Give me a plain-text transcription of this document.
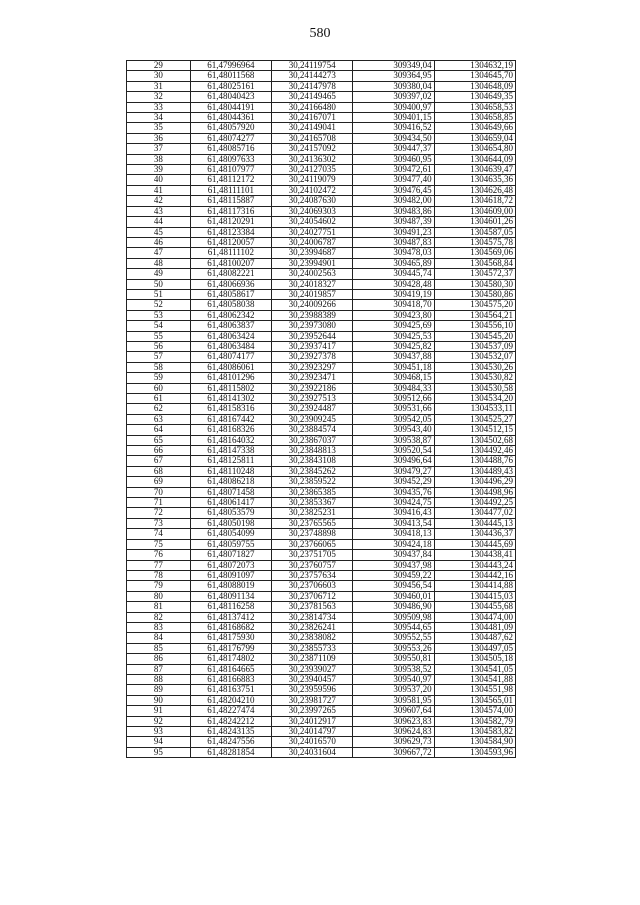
580
29	61,47996964	30,24119754	309349,04	1304632,19
30	61,48011568	30,24144273	309364,95	1304645,70
31	61,48025161	30,24147978	309380,04	1304648,09
32	61,48040423	30,24149465	309397,02	1304649,35
33	61,48044191	30,24166480	309400,97	1304658,53
34	61,48044361	30,24167071	309401,15	1304658,85
35	61,48057920	30,24149041	309416,52	1304649,66
36	61,48074277	30,24165708	309434,50	1304659,04
37	61,48085716	30,24157092	309447,37	1304654,80
38	61,48097633	30,24136302	309460,95	1304644,09
39	61,48107977	30,24127035	309472,61	1304639,47
40	61,48112172	30,24119079	309477,40	1304635,36
41	61,48111101	30,24102472	309476,45	1304626,48
42	61,48115887	30,24087630	309482,00	1304618,72
43	61,48117316	30,24069303	309483,86	1304609,00
44	61,48120291	30,24054602	309487,39	1304601,26
45	61,48123384	30,24027751	309491,23	1304587,05
46	61,48120057	30,24006787	309487,83	1304575,78
47	61,48111102	30,23994687	309478,03	1304569,06
48	61,48100207	30,23994901	309465,89	1304568,84
49	61,48082221	30,24002563	309445,74	1304572,37
50	61,48066936	30,24018327	309428,48	1304580,30
51	61,48058617	30,24019857	309419,19	1304580,86
52	61,48058038	30,24009266	309418,70	1304575,20
53	61,48062342	30,23988389	309423,80	1304564,21
54	61,48063837	30,23973080	309425,69	1304556,10
55	61,48063424	30,23952644	309425,53	1304545,20
56	61,48063484	30,23937417	309425,82	1304537,09
57	61,48074177	30,23927378	309437,88	1304532,07
58	61,48086061	30,23923297	309451,18	1304530,26
59	61,48101296	30,23923471	309468,15	1304530,82
60	61,48115802	30,23922186	309484,33	1304530,58
61	61,48141302	30,23927513	309512,66	1304534,20
62	61,48158316	30,23924487	309531,66	1304533,11
63	61,48167442	30,23909245	309542,05	1304525,27
64	61,48168326	30,23884574	309543,40	1304512,15
65	61,48164032	30,23867037	309538,87	1304502,68
66	61,48147338	30,23848813	309520,54	1304492,46
67	61,48125811	30,23843108	309496,64	1304488,76
68	61,48110248	30,23845262	309479,27	1304489,43
69	61,48086218	30,23859522	309452,29	1304496,29
70	61,48071458	30,23865385	309435,76	1304498,96
71	61,48061417	30,23853367	309424,75	1304492,25
72	61,48053579	30,23825231	309416,43	1304477,02
73	61,48050198	30,23765565	309413,54	1304445,13
74	61,48054099	30,23748898	309418,13	1304436,37
75	61,48059755	30,23766065	309424,18	1304445,69
76	61,48071827	30,23751705	309437,84	1304438,41
77	61,48072073	30,23760757	309437,98	1304443,24
78	61,48091097	30,23757634	309459,22	1304442,16
79	61,48088019	30,23706603	309456,54	1304414,88
80	61,48091134	30,23706712	309460,01	1304415,03
81	61,48116258	30,23781563	309486,90	1304455,68
82	61,48137412	30,23814734	309509,98	1304474,00
83	61,48168682	30,23826241	309544,65	1304481,09
84	61,48175930	30,23838082	309552,55	1304487,62
85	61,48176799	30,23855733	309553,26	1304497,05
86	61,48174802	30,23871109	309550,81	1304505,18
87	61,48164665	30,23939027	309538,52	1304541,05
88	61,48166883	30,23940457	309540,97	1304541,88
89	61,48163751	30,23959596	309537,20	1304551,98
90	61,48204210	30,23981727	309581,95	1304565,01
91	61,48227474	30,23997265	309607,64	1304574,00
92	61,48242212	30,24012917	309623,83	1304582,79
93	61,48243135	30,24014797	309624,83	1304583,82
94	61,48247556	30,24016570	309629,73	1304584,90
95	61,48281854	30,24031604	309667,72	1304593,96
